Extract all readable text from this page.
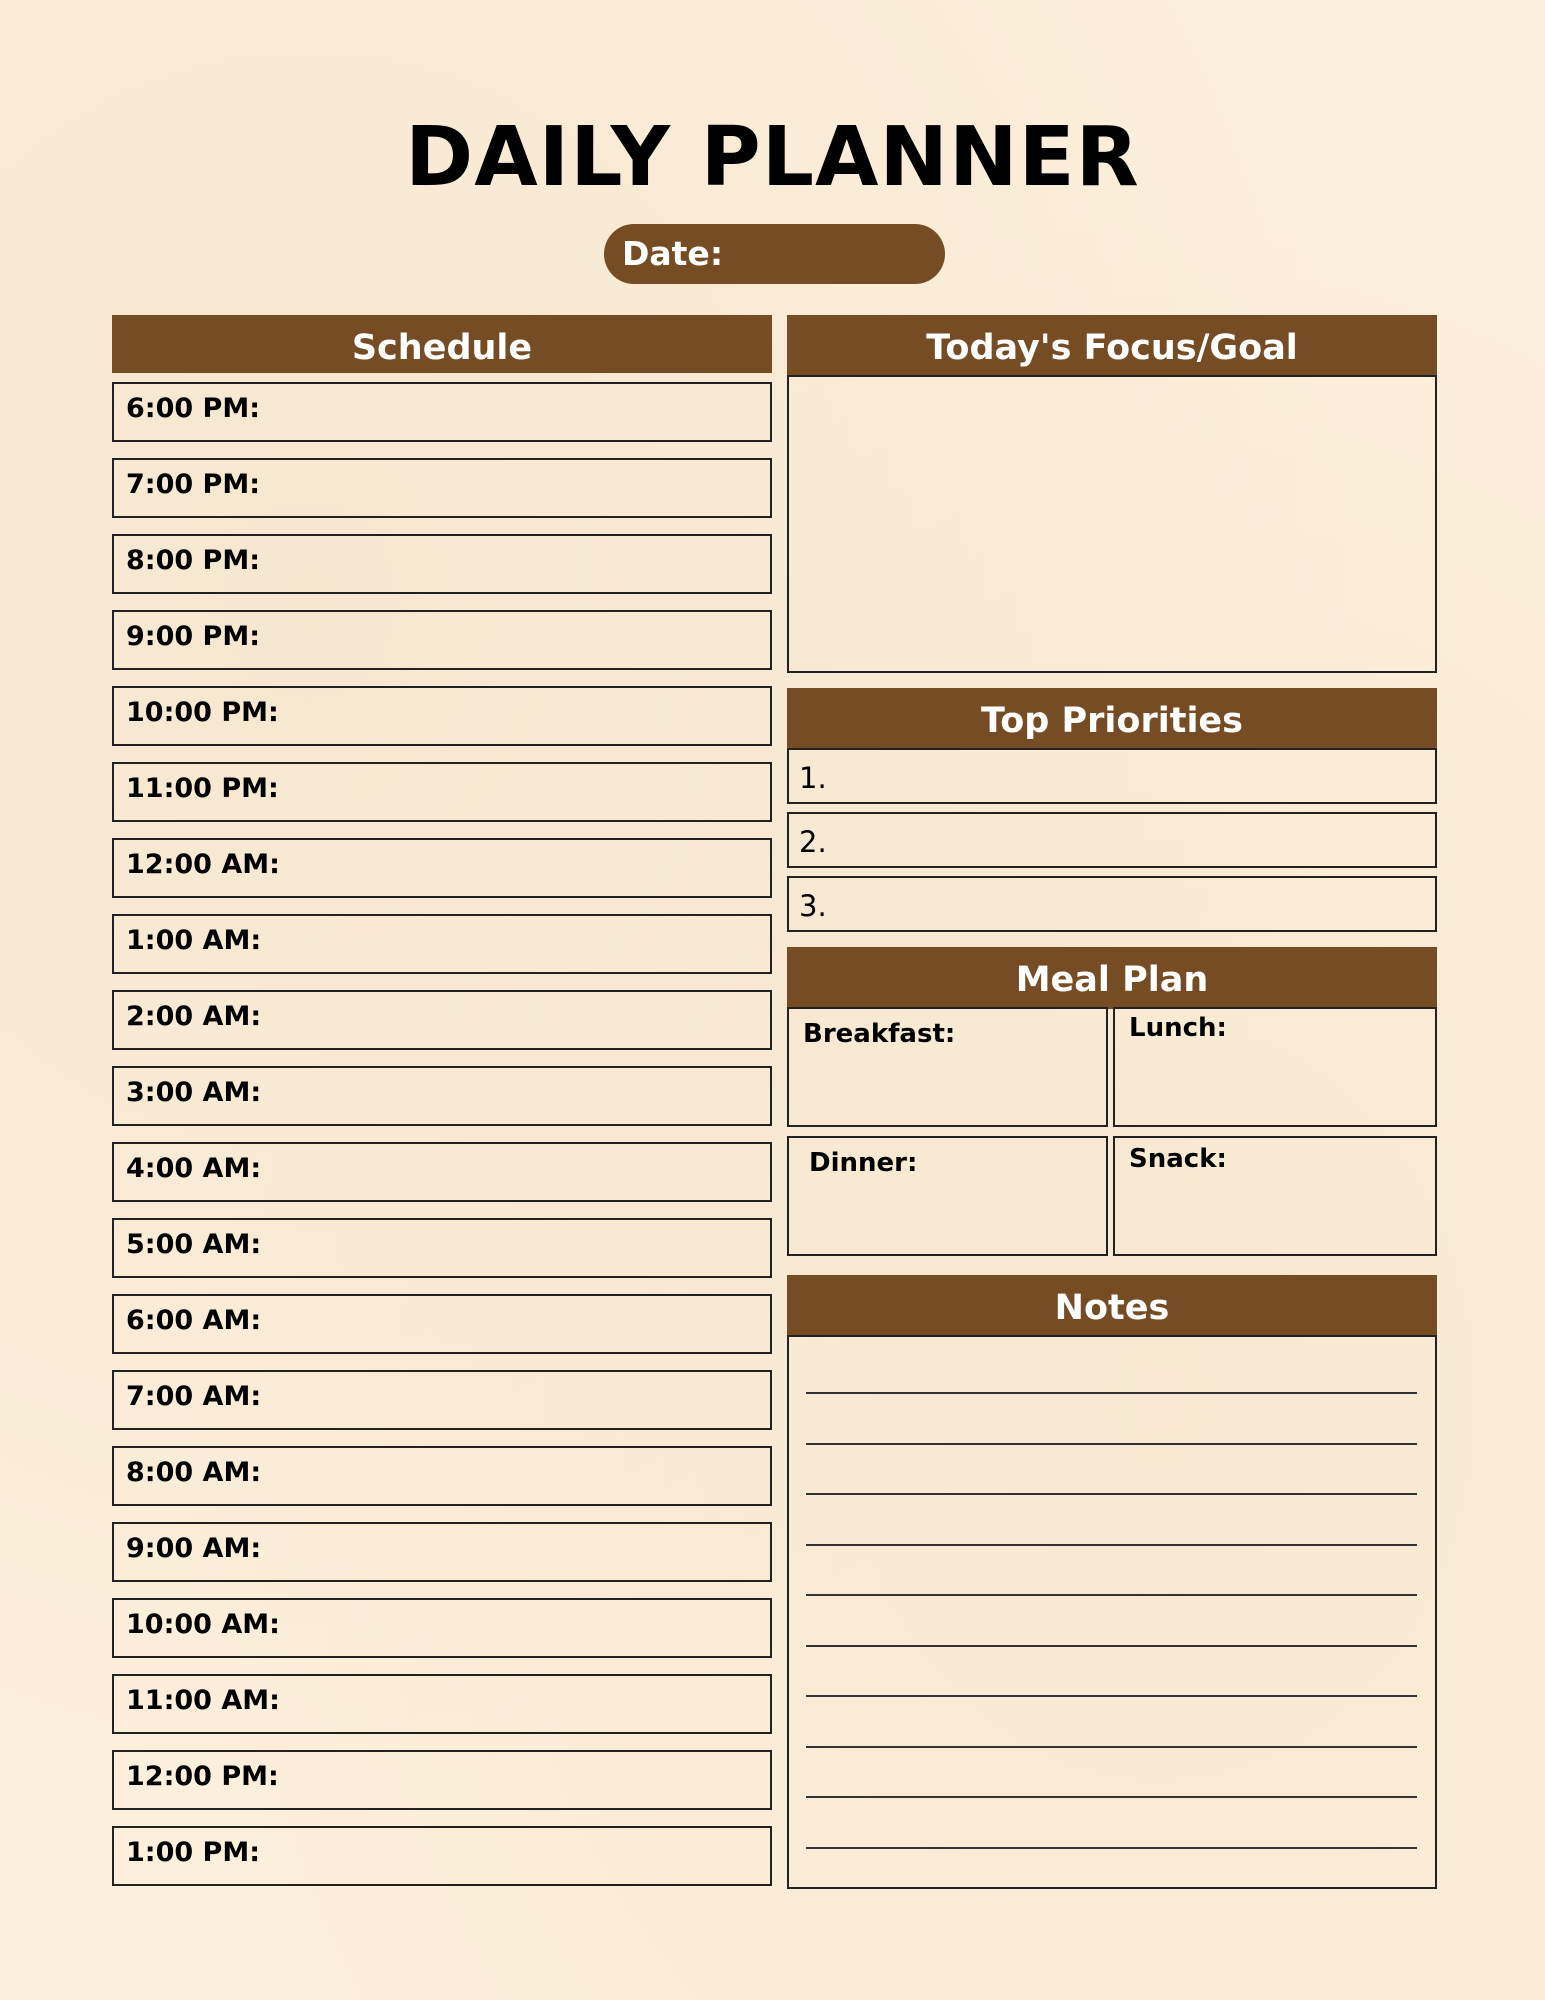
DAILY PLANNER
Date:
Schedule
6:00 PM:
7:00 PM:
8:00 PM:
9:00 PM:
10:00 PM:
11:00 PM:
12:00 AM:
1:00 AM:
2:00 AM:
3:00 AM:
4:00 AM:
5:00 AM:
6:00 AM:
7:00 AM:
8:00 AM:
9:00 AM:
10:00 AM:
11:00 AM:
12:00 PM:
1:00 PM:
Today's Focus/Goal
Top Priorities
1.
2.
3.
Meal Plan
Breakfast:	Lunch:
Dinner:	Snack:
Notes
